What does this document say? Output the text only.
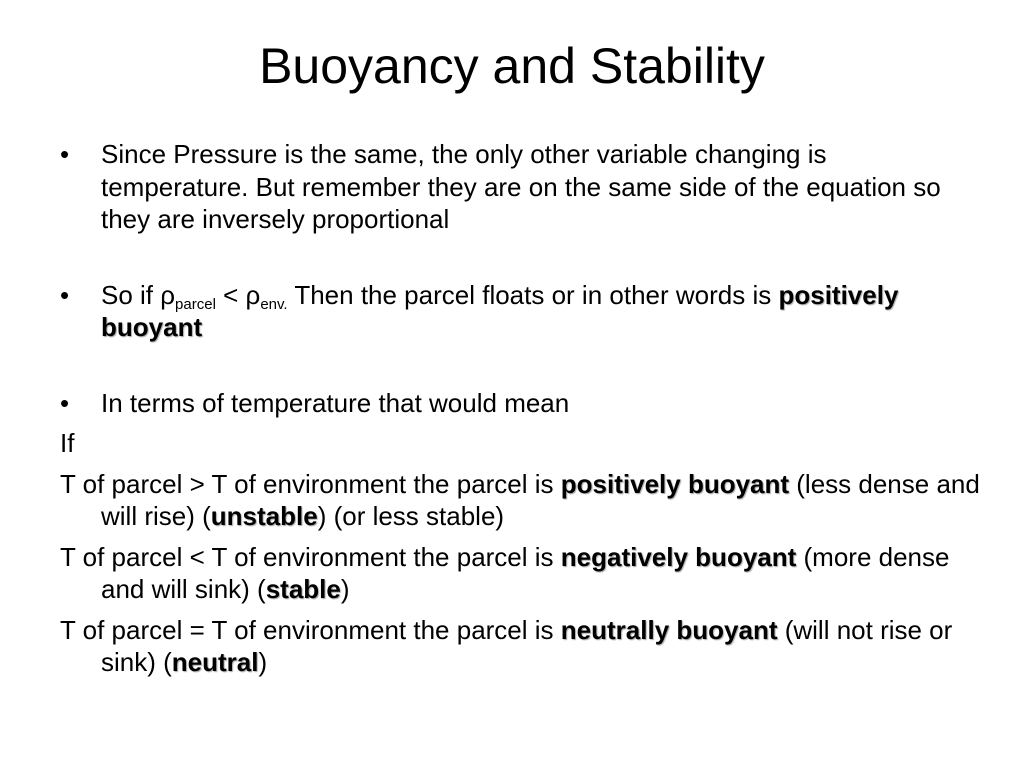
Buoyancy and Stability

•	Since Pressure is the same, the only other variable changing is temperature. But remember they are on the same side of the equation so they are inversely proportional

•	So if $\rho_{parcel} < \rho_{env.}$ Then the parcel floats or in other words is positively buoyant

•	In terms of temperature that would mean

If

T of parcel > T of environment the parcel is positively buoyant (less dense and will rise) (unstable) (or less stable)

T of parcel < T of environment the parcel is negatively buoyant (more dense and will sink) (stable)

T of parcel = T of environment the parcel is neutrally buoyant (will not rise or sink) (neutral)
